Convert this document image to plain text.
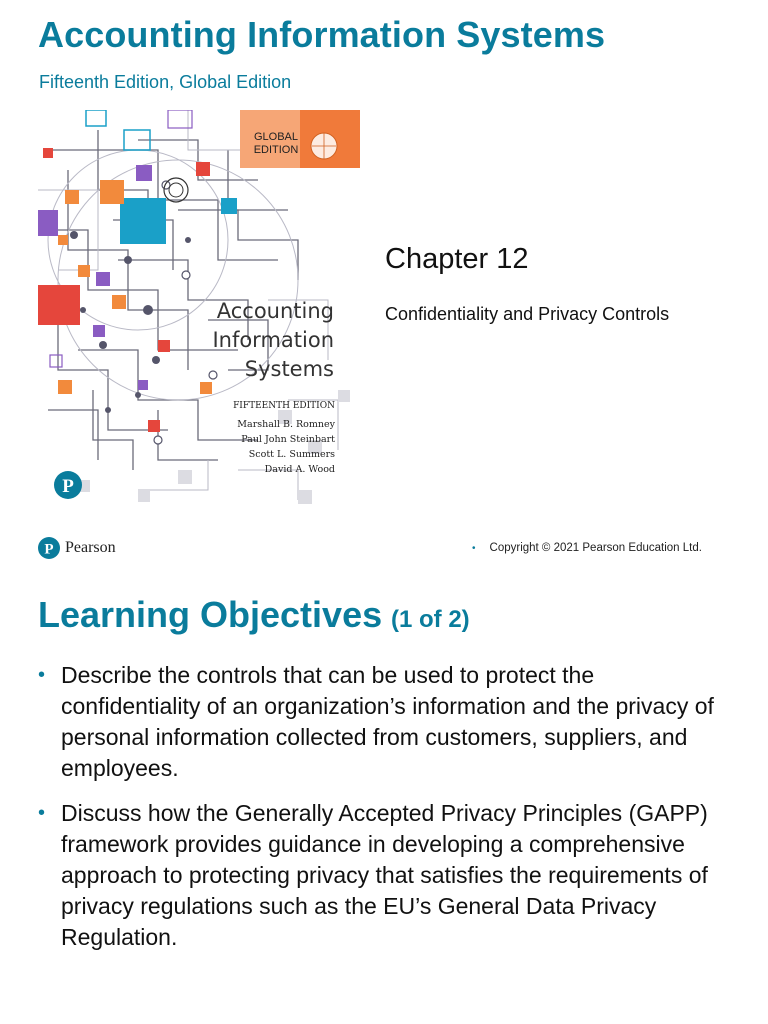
Accounting Information Systems

Fifteenth Edition, Global Edition

GLOBAL
EDITION
Accounting
Information
Systems
FIFTEENTH EDITION
Marshall B. Romney
Paul John Steinbart
Scott L. Summers
David A. Wood
P
Chapter 12

Confidentiality and Privacy Controls

P Pearson	• Copyright © 2021 Pearson Education Ltd.
Learning Objectives (1 of 2)
• Describe the controls that can be used to protect the confidentiality of an organization’s information and the privacy of personal information collected from customers, suppliers, and employees.
• Discuss how the Generally Accepted Privacy Principles (GAPP) framework provides guidance in developing a comprehensive approach to protecting privacy that satisfies the requirements of privacy regulations such as the EU’s General Data Privacy Regulation.
